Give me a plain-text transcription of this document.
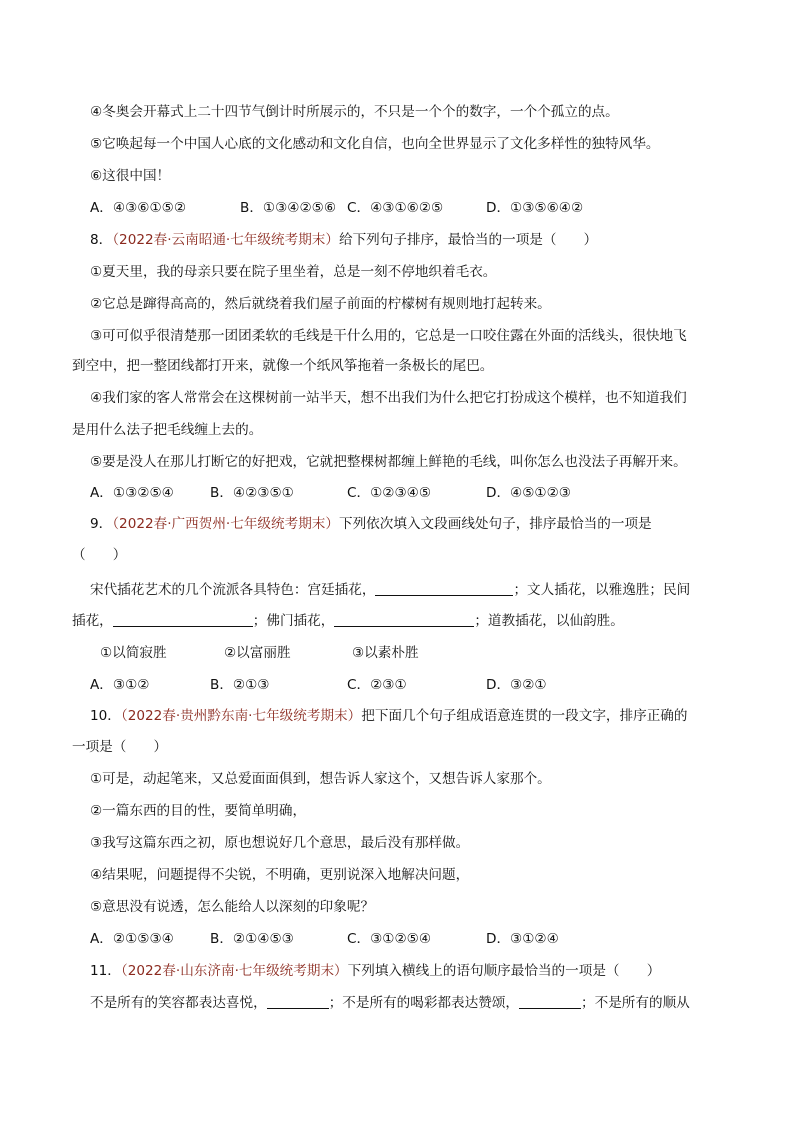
④冬奥会开幕式上二十四节气倒计时所展示的，不只是一个个的数字，一个个孤立的点。
⑤它唤起每一个中国人心底的文化感动和文化自信，也向全世界显示了文化多样性的独特风华。
⑥这很中国！
A．④③⑥①⑤②	B．①③④②⑤⑥ C．④③①⑥②⑤	D．①③⑤⑥④②
8．（2022春·云南昭通·七年级统考期末）给下列句子排序，最恰当的一项是（　　）
①夏天里，我的母亲只要在院子里坐着，总是一刻不停地织着毛衣。
②它总是蹿得高高的，然后就绕着我们屋子前面的柠檬树有规则地打起转来。
③可可似乎很清楚那一团团柔软的毛线是干什么用的，它总是一口咬住露在外面的活线头，很快地飞
到空中，把一整团线都打开来，就像一个纸风筝拖着一条极长的尾巴。
④我们家的客人常常会在这棵树前一站半天，想不出我们为什么把它打扮成这个模样，也不知道我们
是用什么法子把毛线缠上去的。
⑤要是没人在那儿打断它的好把戏，它就把整棵树都缠上鲜艳的毛线，叫你怎么也没法子再解开来。
A．①③②⑤④	B．④②③⑤①	C．①②③④⑤	D．④⑤①②③
9．（2022春·广西贺州·七年级统考期末）下列依次填入文段画线处句子，排序最恰当的一项是
（　　）
宋代插花艺术的几个流派各具特色：宫廷插花，	；文人插花，以雅逸胜；民间
插花，	；佛门插花，	；道教插花，以仙韵胜。
①以简寂胜	②以富丽胜	③以素朴胜
A．③①②	B．②①③	C．②③①	D．③②①
10．（2022春·贵州黔东南·七年级统考期末）把下面几个句子组成语意连贯的一段文字，排序正确的
一项是（　　）
①可是，动起笔来，又总爱面面俱到，想告诉人家这个，又想告诉人家那个。
②一篇东西的目的性，要简单明确，
③我写这篇东西之初，原也想说好几个意思，最后没有那样做。
④结果呢，问题提得不尖锐，不明确，更别说深入地解决问题，
⑤意思没有说透，怎么能给人以深刻的印象呢？
A．②①⑤③④	B．②①④⑤③	C．③①②⑤④	D．③①②④
11．（2022春·山东济南·七年级统考期末）下列填入横线上的语句顺序最恰当的一项是（　　）
不是所有的笑容都表达喜悦，	；不是所有的喝彩都表达赞颂，	；不是所有的顺从
